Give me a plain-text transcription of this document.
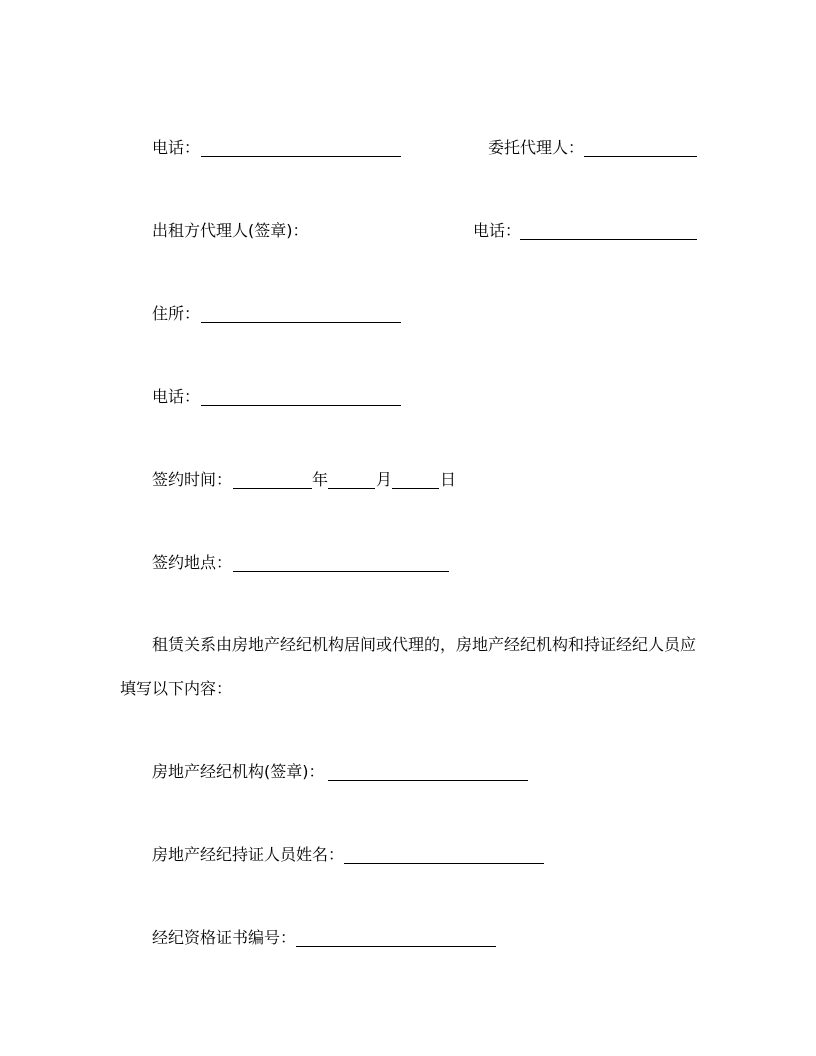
电话：	委托代理人：
出租方代理人(签章)：	电话：
住所：
电话：
签约时间：	年	月	日
签约地点：
租赁关系由房地产经纪机构居间或代理的，房地产经纪机构和持证经纪人员应
填写以下内容：
房地产经纪机构(签章)：
房地产经纪持证人员姓名：
经纪资格证书编号：
